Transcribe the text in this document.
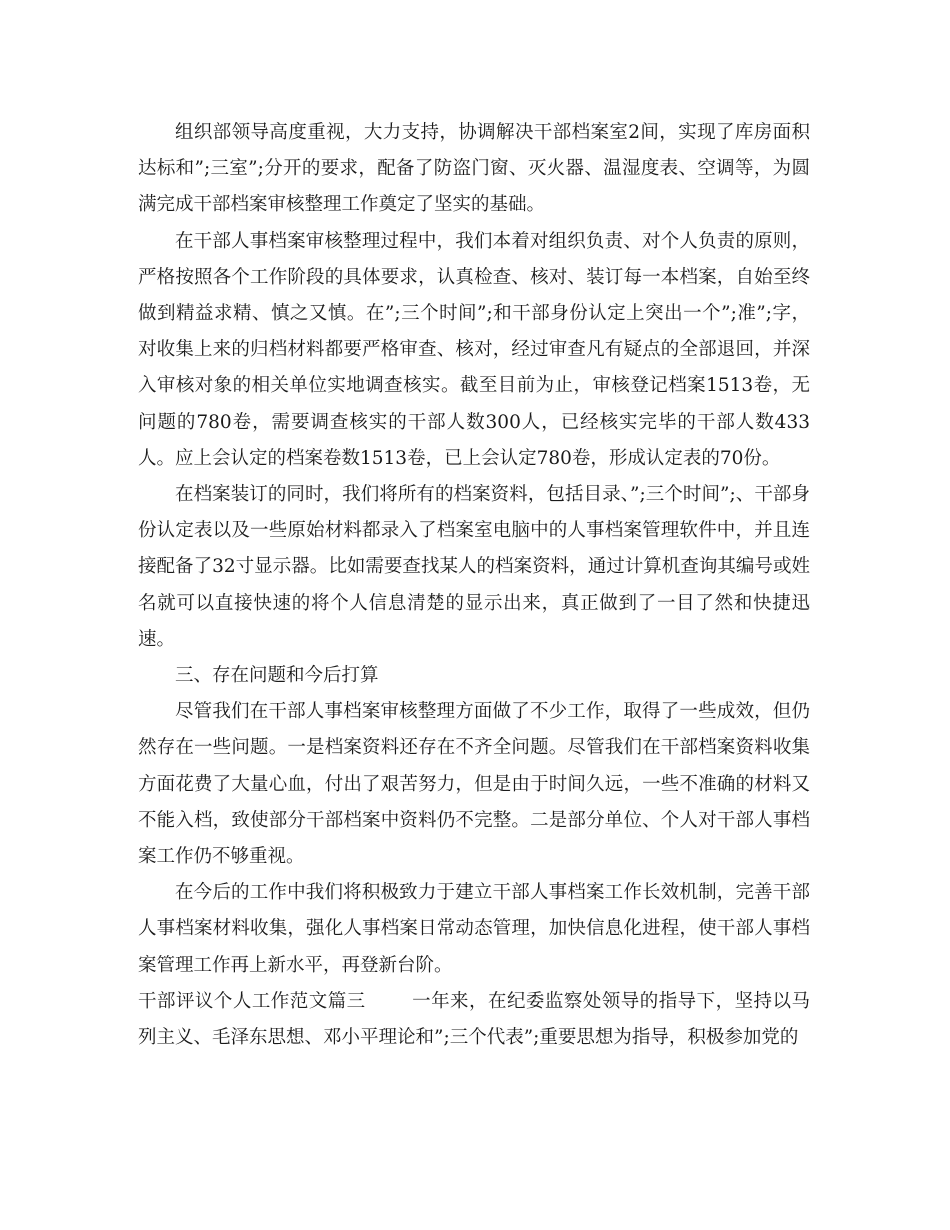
组织部领导高度重视，大力支持，协调解决干部档案室2间，实现了库房面积达标和”;三室”;分开的要求，配备了防盗门窗、灭火器、温湿度表、空调等，为圆满完成干部档案审核整理工作奠定了坚实的基础。

在干部人事档案审核整理过程中，我们本着对组织负责、对个人负责的原则，严格按照各个工作阶段的具体要求，认真检查、核对、装订每一本档案，自始至终做到精益求精、慎之又慎。在”;三个时间”;和干部身份认定上突出一个”;准”;字，对收集上来的归档材料都要严格审查、核对，经过审查凡有疑点的全部退回，并深入审核对象的相关单位实地调查核实。截至目前为止，审核登记档案1513卷，无问题的780卷，需要调查核实的干部人数300人，已经核实完毕的干部人数433人。应上会认定的档案卷数1513卷，已上会认定780卷，形成认定表的70份。

在档案装订的同时，我们将所有的档案资料，包括目录、”;三个时间”;、干部身份认定表以及一些原始材料都录入了档案室电脑中的人事档案管理软件中，并且连接配备了32寸显示器。比如需要查找某人的档案资料，通过计算机查询其编号或姓名就可以直接快速的将个人信息清楚的显示出来，真正做到了一目了然和快捷迅速。

三、存在问题和今后打算

尽管我们在干部人事档案审核整理方面做了不少工作，取得了一些成效，但仍然存在一些问题。一是档案资料还存在不齐全问题。尽管我们在干部档案资料收集方面花费了大量心血，付出了艰苦努力，但是由于时间久远，一些不准确的材料又不能入档，致使部分干部档案中资料仍不完整。二是部分单位、个人对干部人事档案工作仍不够重视。

在今后的工作中我们将积极致力于建立干部人事档案工作长效机制，完善干部人事档案材料收集，强化人事档案日常动态管理，加快信息化进程，使干部人事档案管理工作再上新水平，再登新台阶。

干部评议个人工作范文篇三 一年来，在纪委监察处领导的指导下，坚持以马列主义、毛泽东思想、邓小平理论和”;三个代表”;重要思想为指导，积极参加党的
